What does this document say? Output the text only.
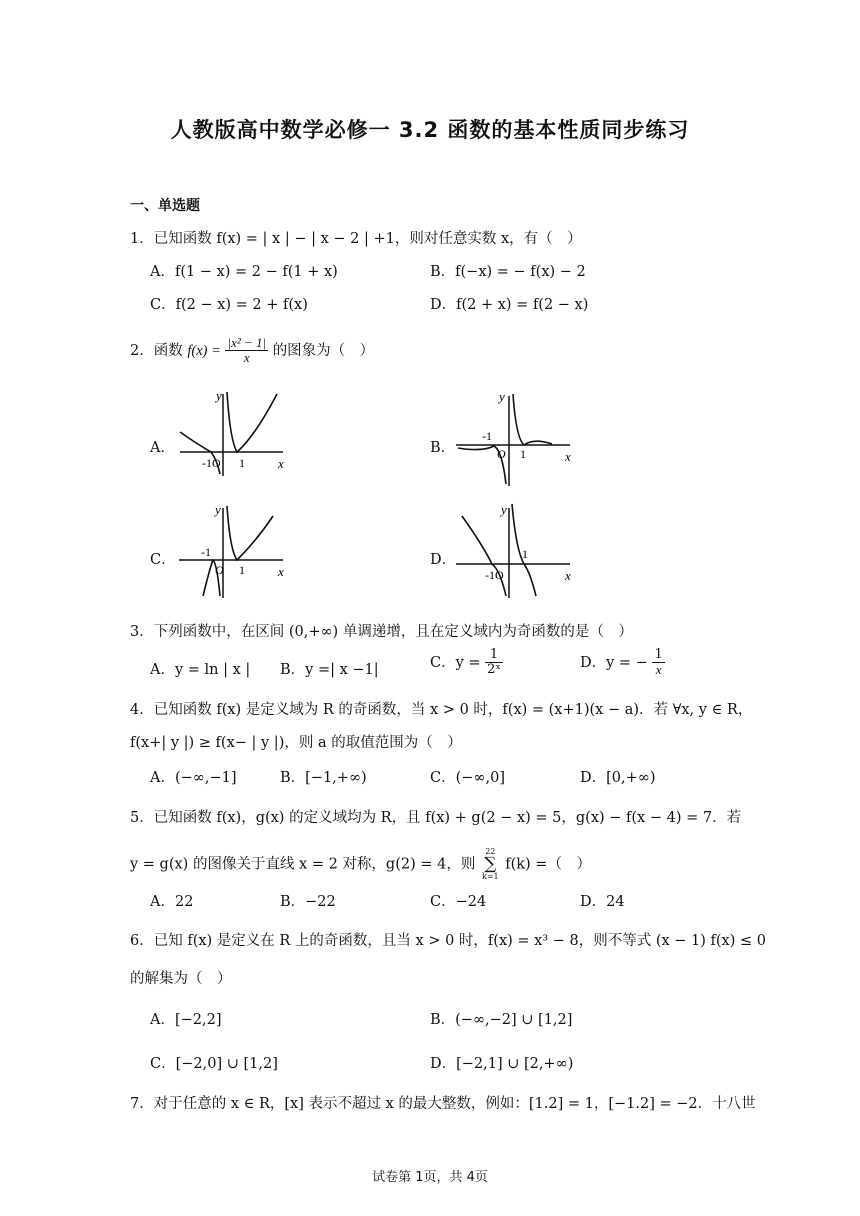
人教版高中数学必修一 3.2 函数的基本性质同步练习
一、单选题
1．已知函数 f(x) = | x | − | x − 2 | +1，则对任意实数 x，有（　）
A．f(1 − x) = 2 − f(1 + x)	B．f(−x) = − f(x) − 2
C．f(2 − x) = 2 + f(x)	D．f(2 + x) = f(2 − x)
2．函数 $f(x) = \frac{\text{|x² − 1|}}{x}$ 的图象为（　）
A．	B．
C．	D．
y
x
-1O 1
y
x
-1
O 1
y
x
-1
O 1
y
x
-1O
1
3．下列函数中，在区间 (0,+∞) 单调递增，且在定义域内为奇函数的是（　）
A．y = ln | x | B．y =| x −1|	C．$y = \frac{1}{\text{2ˣ}}$	D．y = − $\frac{1}{x}$
4．已知函数 f(x) 是定义域为 R 的奇函数，当 x > 0 时，f(x) = (x+1)(x − a)．若 ∀x, y ∈ R，
f(x+| y |) ≥ f(x− | y |)，则 a 的取值范围为（　）
A．(−∞,−1]	B．[−1,+∞)	C．(−∞,0]	D．[0,+∞)
5．已知函数 f(x)，g(x) 的定义域均为 R，且 f(x) + g(2 − x) = 5，g(x) − f(x − 4) = 7．若
y = g(x) 的图像关于直线 x = 2 对称，g(2) = 4，则
22
∑
k=1
f(k) =（　）
A．22	B．−22	C．−24	D．24
6．已知 f(x) 是定义在 R 上的奇函数，且当 x > 0 时，f(x) = x³ − 8，则不等式 (x − 1) f(x) ≤ 0
的解集为（　）
A．[−2,2]	B．(−∞,−2] ∪ [1,2]
C．[−2,0] ∪ [1,2]	D．[−2,1] ∪ [2,+∞)
7．对于任意的 x ∈ R，[x] 表示不超过 x 的最大整数，例如：[1.2] = 1，[−1.2] = −2．十八世
试卷第 1页，共 4页
